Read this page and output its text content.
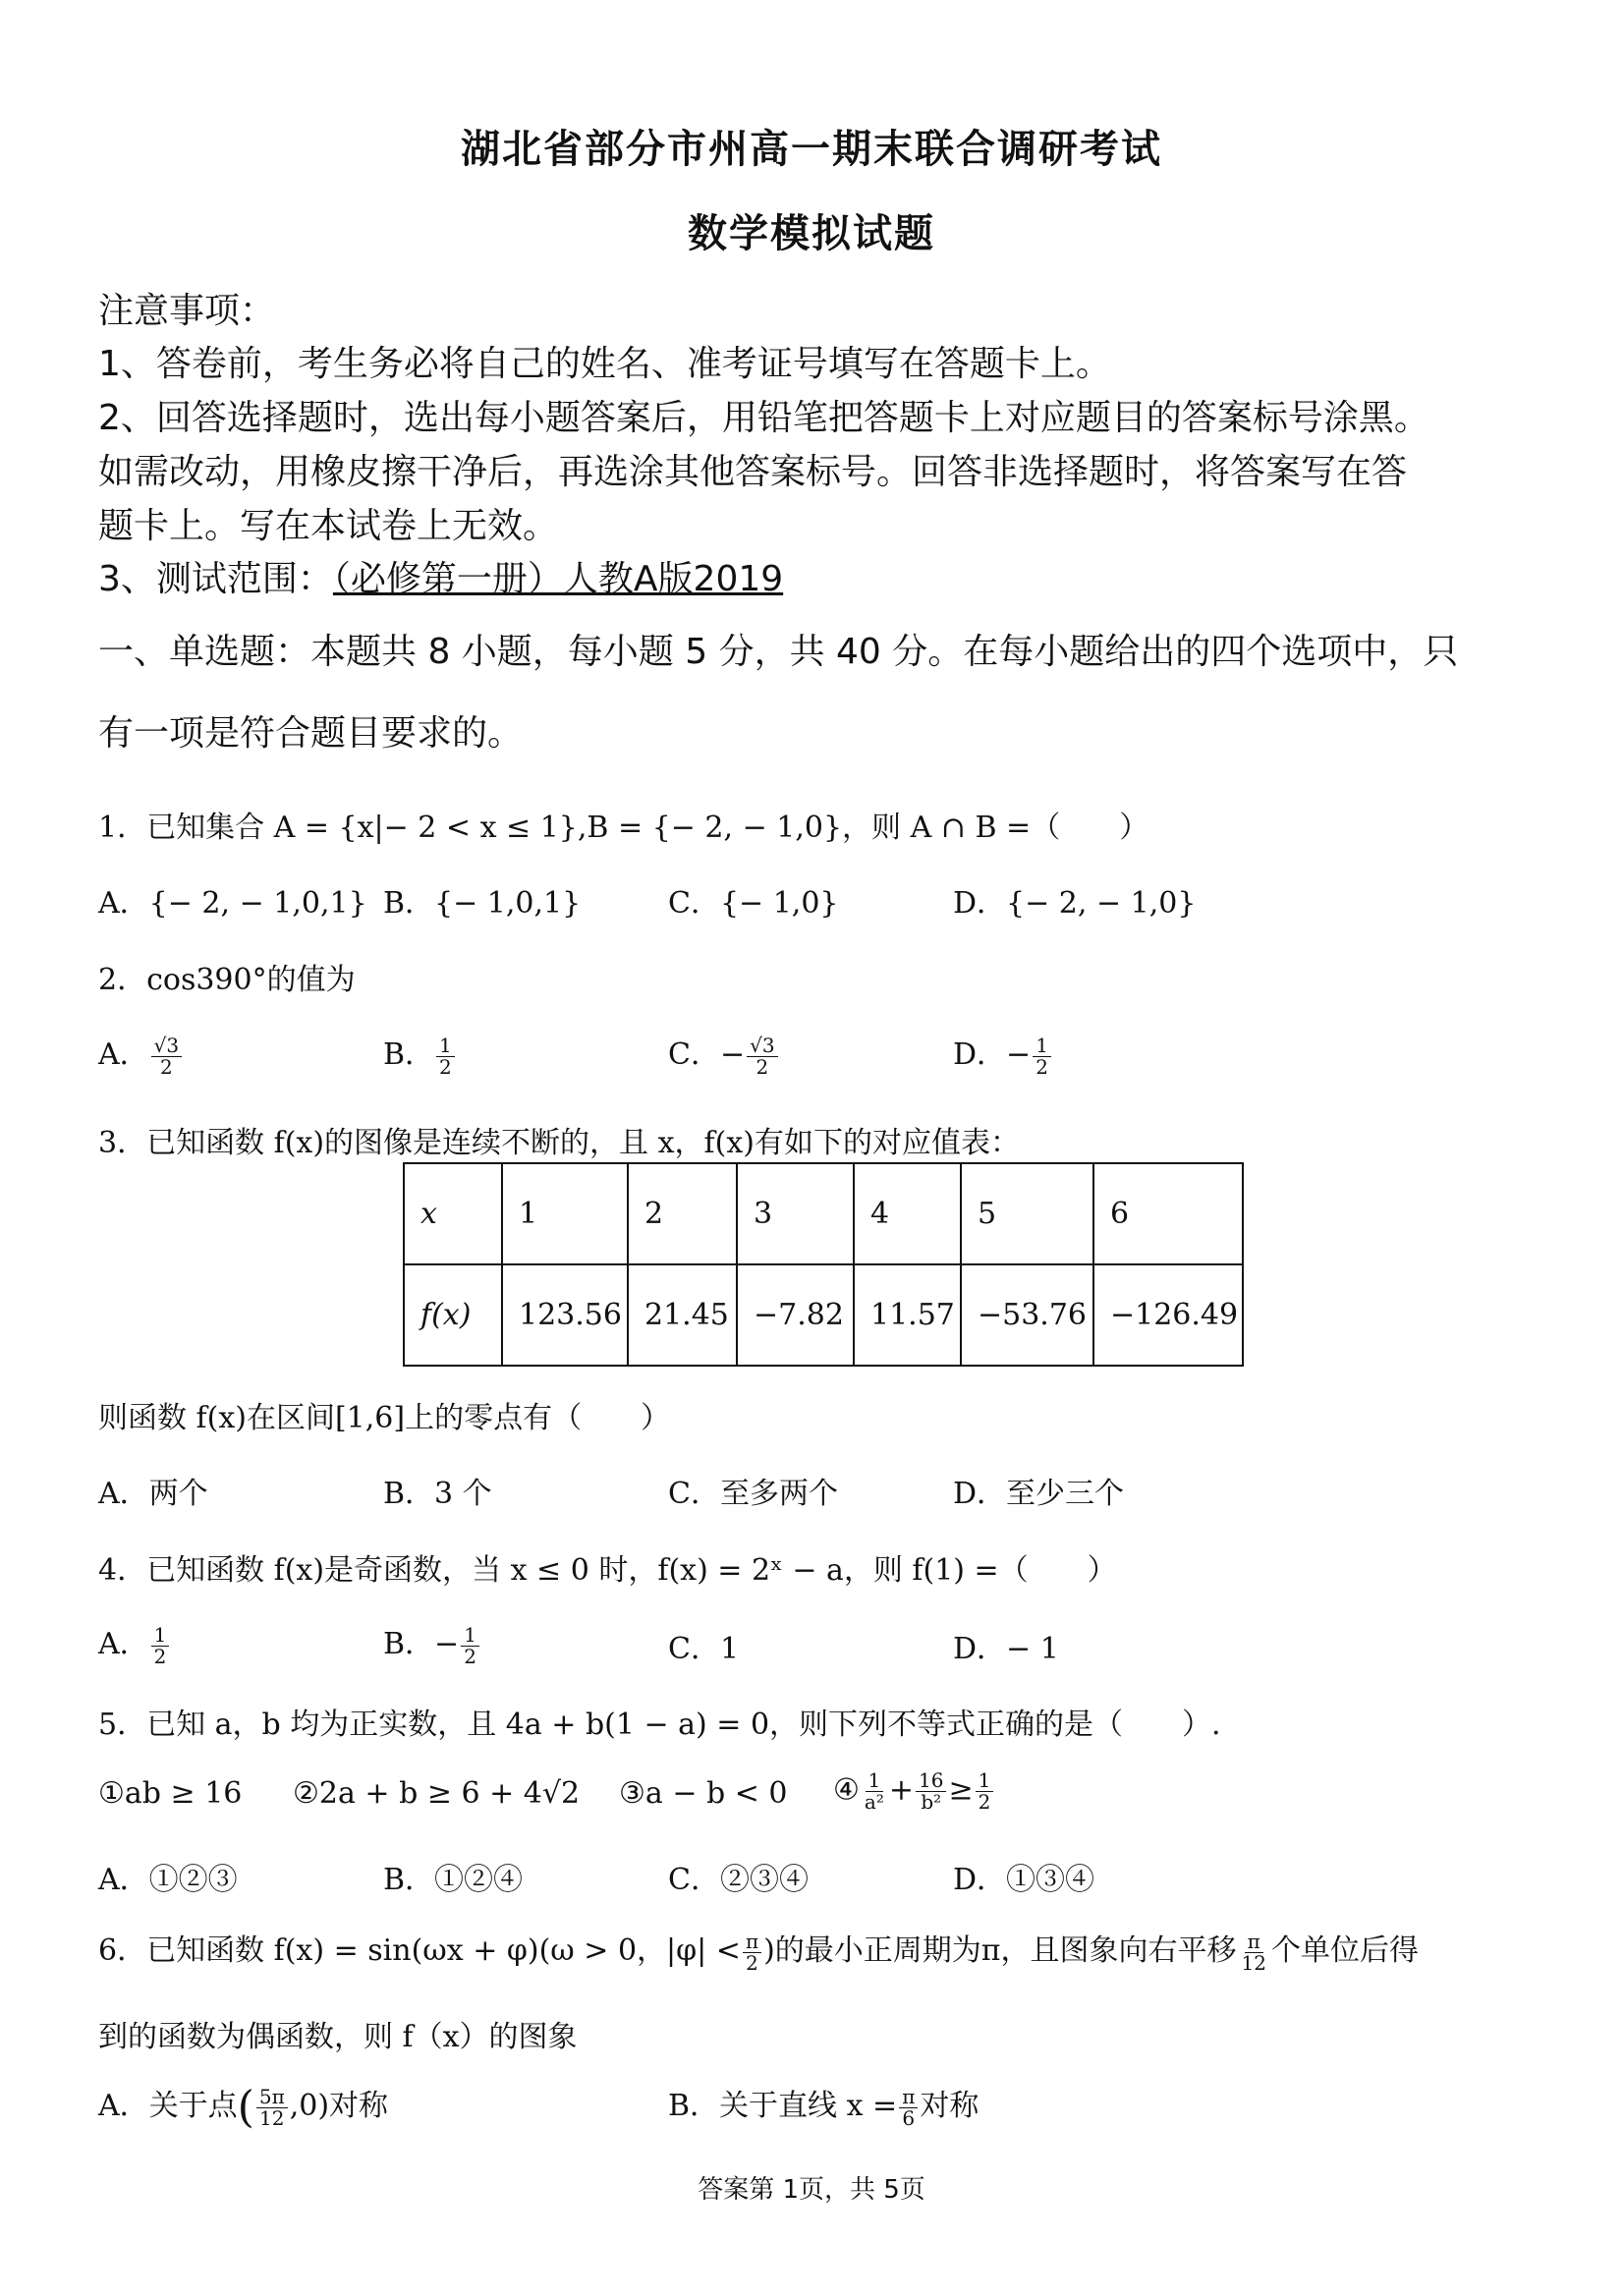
湖北省部分市州高一期末联合调研考试
数学模拟试题
注意事项：
1、答卷前，考生务必将自己的姓名、准考证号填写在答题卡上。
2、回答选择题时，选出每小题答案后，用铅笔把答题卡上对应题目的答案标号涂黑。
如需改动，用橡皮擦干净后，再选涂其他答案标号。回答非选择题时，将答案写在答
题卡上。写在本试卷上无效。
3、测试范围：（必修第一册）人教A版2019
一、单选题：本题共 8 小题，每小题 5 分，共 40 分。在每小题给出的四个选项中，只
有一项是符合题目要求的。
1．已知集合 A = {x|− 2 < x ≤ 1},B = {− 2, − 1,0}，则 A ∩ B =（　　）
A．{− 2, − 1,0,1} B．{− 1,0,1}	C．{− 1,0}	D．{− 2, − 1,0}
2．cos390°的值为
A． $\frac{√3}{2}$	B． $\frac{1}{2}$	C．− $\frac{√3}{2}$	D．− $\frac{1}{2}$
3．已知函数 f(x)的图像是连续不断的，且 x，f(x)有如下的对应值表：
x	1	2	3	4	5	6
f(x)	123.56	21.45	−7.82	11.57	−53.76	−126.49
则函数 f(x)在区间[1,6]上的零点有（　　）
A．两个	B．3 个	C．至多两个	D．至少三个
4．已知函数 f(x)是奇函数，当 x ≤ 0 时，f(x) = 2ˣ − a，则 f(1) =（　　）
A． $\frac{1}{2}$	B．− $\frac{1}{2}$	C．1	D．− 1
5．已知 a，b 均为正实数，且 4a + b(1 − a) = 0，则下列不等式正确的是（　　）.
①ab ≥ 16 ②2a + b ≥ 6 + 4√2 ③a − b < 0 ④ $\frac{1}{\text{a²}} + \frac{16}{\text{b²}} \ge \frac{1}{2}$
A．①②③	B．①②④	C．②③④	D．①③④
6．已知函数 f(x) = sin(ωx + φ)(ω > 0，$|\varphi| < \frac{\pi}{2}$ )的最小正周期为π，且图象向右平移 $\frac{\pi}{12}$ 个单位后得
到的函数为偶函数，则 f（x）的图象
A．关于点( $\frac{5\pi}{12} ,0$)对称	B．关于直线 $x = \frac{\pi}{6}$ 对称
答案第 1页，共 5页
